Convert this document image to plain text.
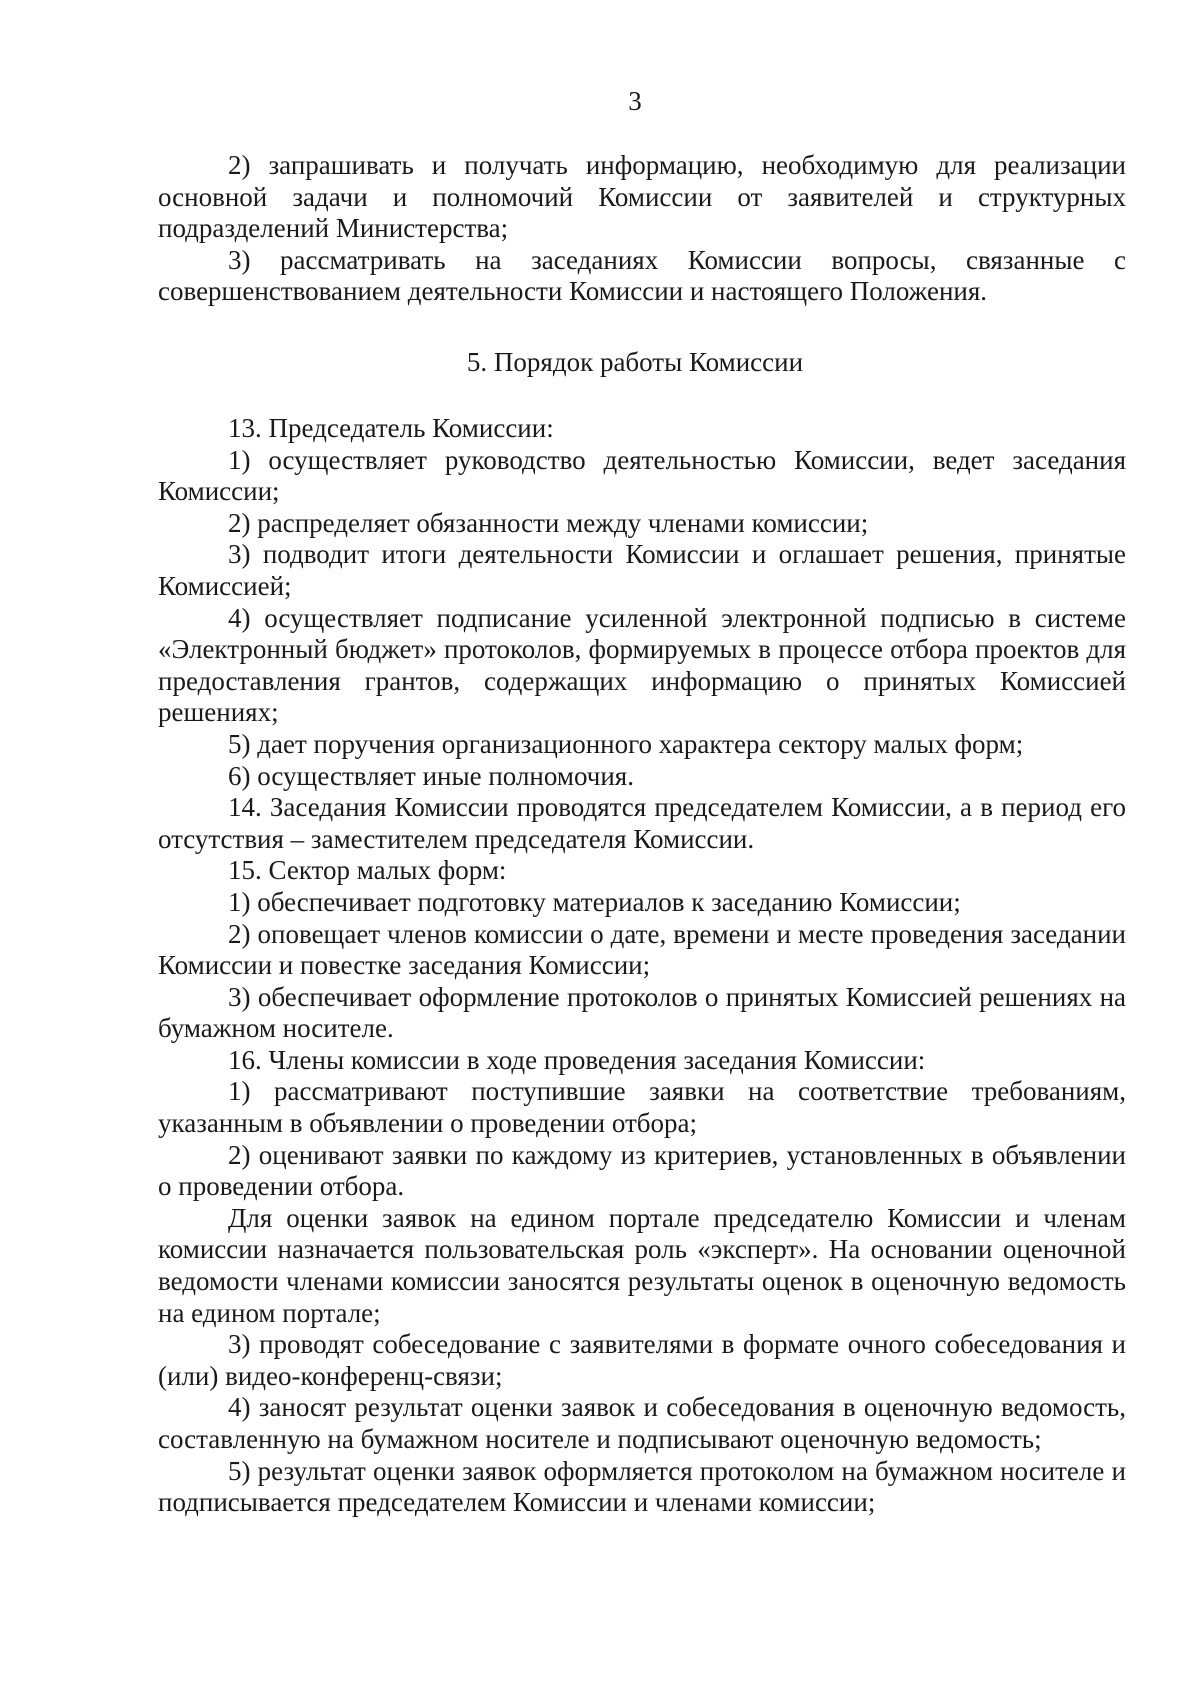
3

2) запрашивать и получать информацию, необходимую для реализации основной задачи и полномочий Комиссии от заявителей и структурных подразделений Министерства;

3) рассматривать на заседаниях Комиссии вопросы, связанные с совершенствованием деятельности Комиссии и настоящего Положения.

5. Порядок работы Комиссии

13. Председатель Комиссии:

1) осуществляет руководство деятельностью Комиссии, ведет заседания Комиссии;

2) распределяет обязанности между членами комиссии;

3) подводит итоги деятельности Комиссии и оглашает решения, принятые Комиссией;

4) осуществляет подписание усиленной электронной подписью в системе «Электронный бюджет» протоколов, формируемых в процессе отбора проектов для предоставления грантов, содержащих информацию о принятых Комиссией решениях;

5) дает поручения организационного характера сектору малых форм;

6) осуществляет иные полномочия.

14. Заседания Комиссии проводятся председателем Комиссии, а в период его отсутствия – заместителем председателя Комиссии.

15. Сектор малых форм:

1) обеспечивает подготовку материалов к заседанию Комиссии;

2) оповещает членов комиссии о дате, времени и месте проведения заседании Комиссии и повестке заседания Комиссии;

3) обеспечивает оформление протоколов о принятых Комиссией решениях на бумажном носителе.

16. Члены комиссии в ходе проведения заседания Комиссии:

1) рассматривают поступившие заявки на соответствие требованиям, указанным в объявлении о проведении отбора;

2) оценивают заявки по каждому из критериев, установленных в объявлении о проведении отбора.

Для оценки заявок на едином портале председателю Комиссии и членам комиссии назначается пользовательская роль «эксперт». На основании оценочной ведомости членами комиссии заносятся результаты оценок в оценочную ведомость на едином портале;

3) проводят собеседование с заявителями в формате очного собеседования и (или) видео-конференц-связи;

4) заносят результат оценки заявок и собеседования в оценочную ведомость, составленную на бумажном носителе и подписывают оценочную ведомость;

5) результат оценки заявок оформляется протоколом на бумажном носителе и подписывается председателем Комиссии и членами комиссии;
